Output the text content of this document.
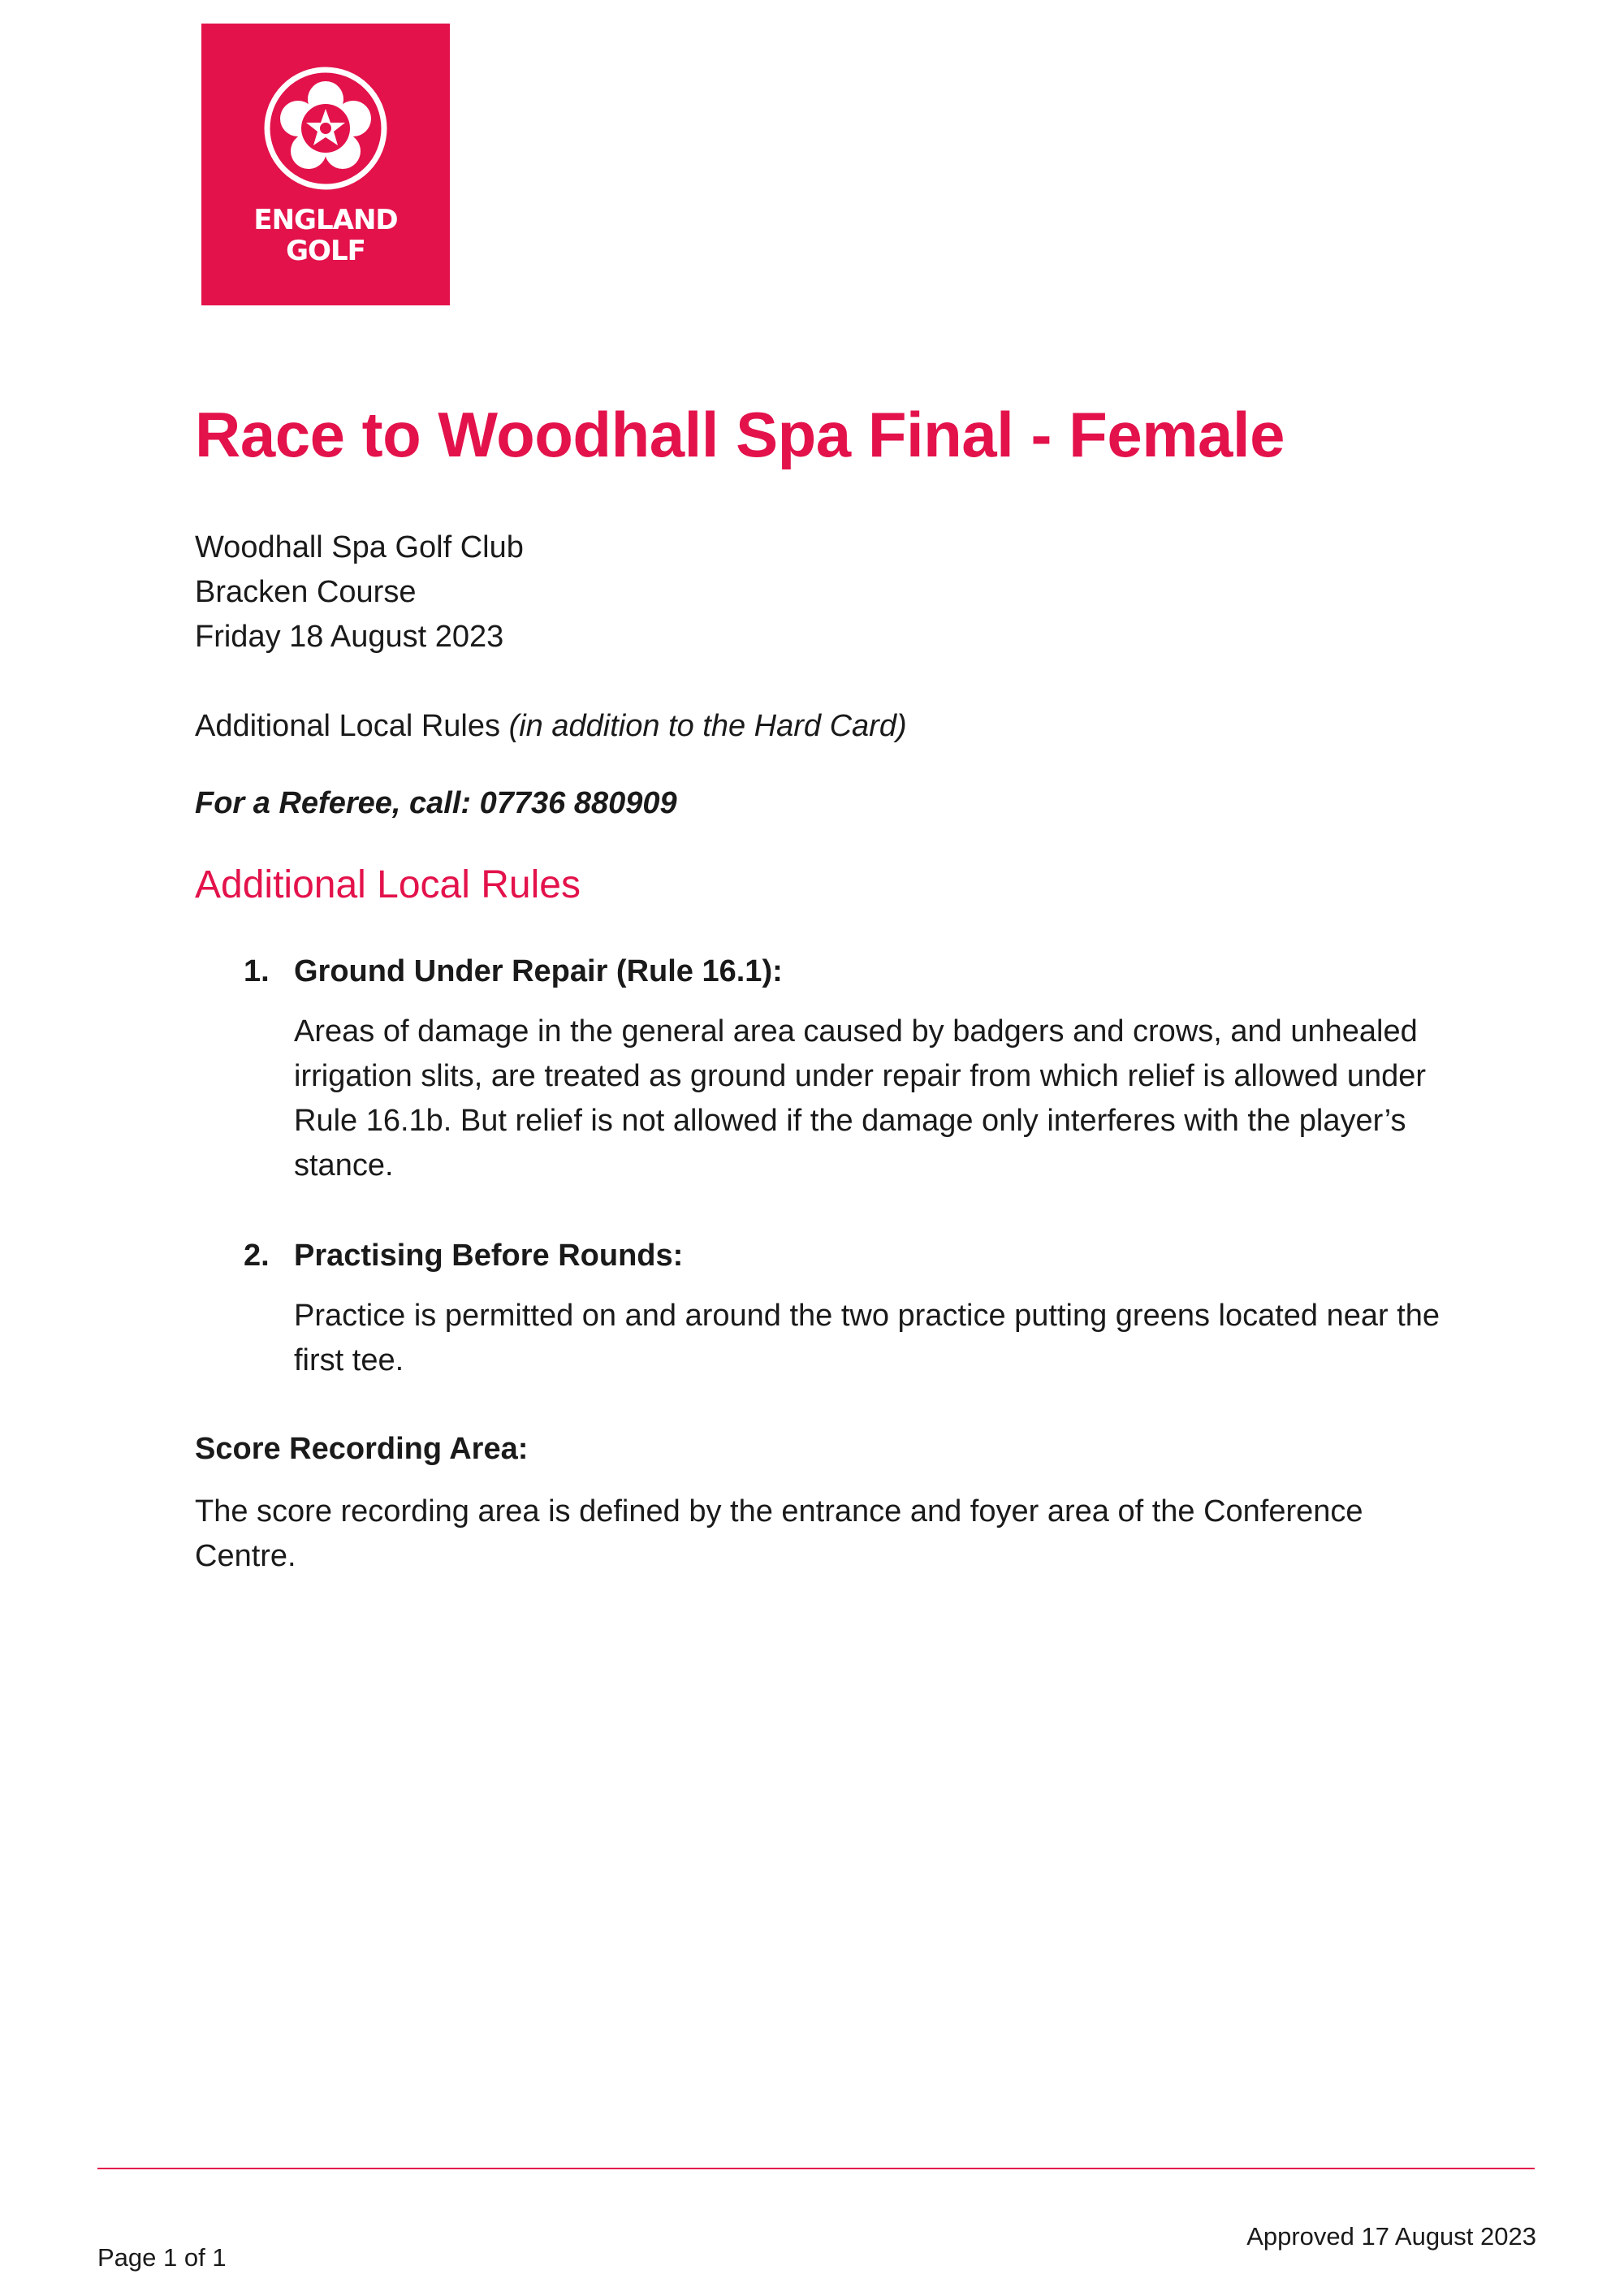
ENGLAND
GOLF
Race to Woodhall Spa Final - Female
Woodhall Spa Golf Club
Bracken Course
Friday 18 August 2023
Additional Local Rules (in addition to the Hard Card)
For a Referee, call: 07736 880909
Additional Local Rules
1. Ground Under Repair (Rule 16.1):
Areas of damage in the general area caused by badgers and crows, and unhealed irrigation slits, are treated as ground under repair from which relief is allowed under Rule 16.1b. But relief is not allowed if the damage only interferes with the player’s stance.
2. Practising Before Rounds:
Practice is permitted on and around the two practice putting greens located near the first tee.
Score Recording Area:
The score recording area is defined by the entrance and foyer area of the Conference Centre.
Page 1 of 1
Approved 17 August 2023
